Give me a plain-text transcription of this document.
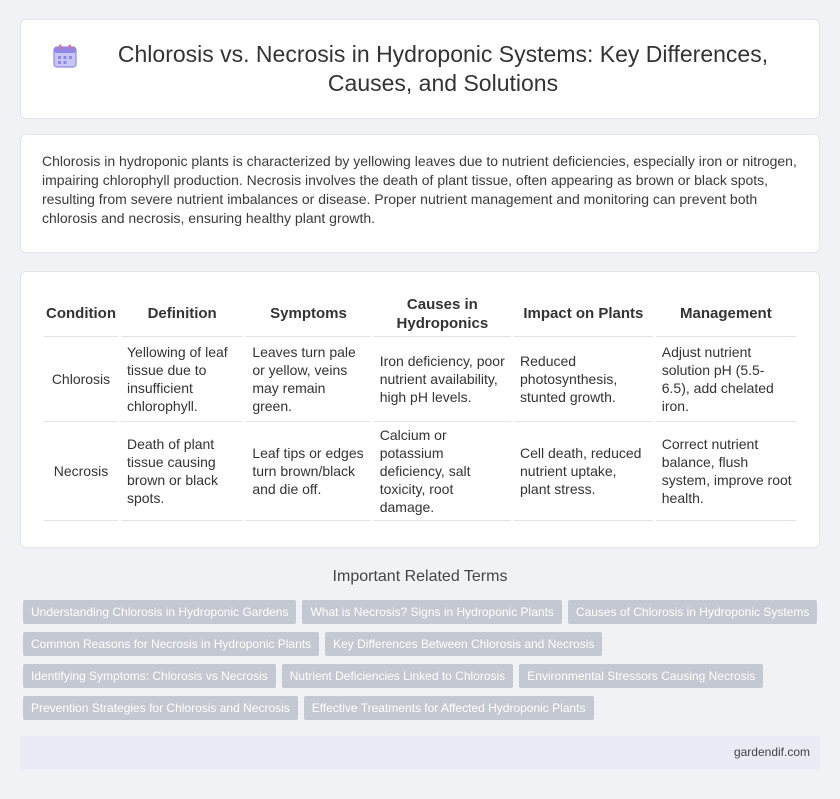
Chlorosis vs. Necrosis in Hydroponic Systems: Key Differences, Causes, and Solutions

Chlorosis in hydroponic plants is characterized by yellowing leaves due to nutrient deficiencies, especially iron or nitrogen, impairing chlorophyll production. Necrosis involves the death of plant tissue, often appearing as brown or black spots, resulting from severe nutrient imbalances or disease. Proper nutrient management and monitoring can prevent both chlorosis and necrosis, ensuring healthy plant growth.

Condition	Definition	Symptoms	Causes in Hydroponics	Impact on Plants	Management
Chlorosis	Yellowing of leaf tissue due to insufficient chlorophyll.	Leaves turn pale or yellow, veins may remain green.	Iron deficiency, poor nutrient availability, high pH levels.	Reduced photosynthesis, stunted growth.	Adjust nutrient solution pH (5.5-6.5), add chelated iron.
Necrosis	Death of plant tissue causing brown or black spots.	Leaf tips or edges turn brown/black and die off.	Calcium or potassium deficiency, salt toxicity, root damage.	Cell death, reduced nutrient uptake, plant stress.	Correct nutrient balance, flush system, improve root health.
Important Related Terms
Understanding Chlorosis in Hydroponic Gardens	What is Necrosis? Signs in Hydroponic Plants	Causes of Chlorosis in Hydroponic Systems
Common Reasons for Necrosis in Hydroponic Plants	Key Differences Between Chlorosis and Necrosis
Identifying Symptoms: Chlorosis vs Necrosis	Nutrient Deficiencies Linked to Chlorosis	Environmental Stressors Causing Necrosis
Prevention Strategies for Chlorosis and Necrosis	Effective Treatments for Affected Hydroponic Plants
gardendif.com
